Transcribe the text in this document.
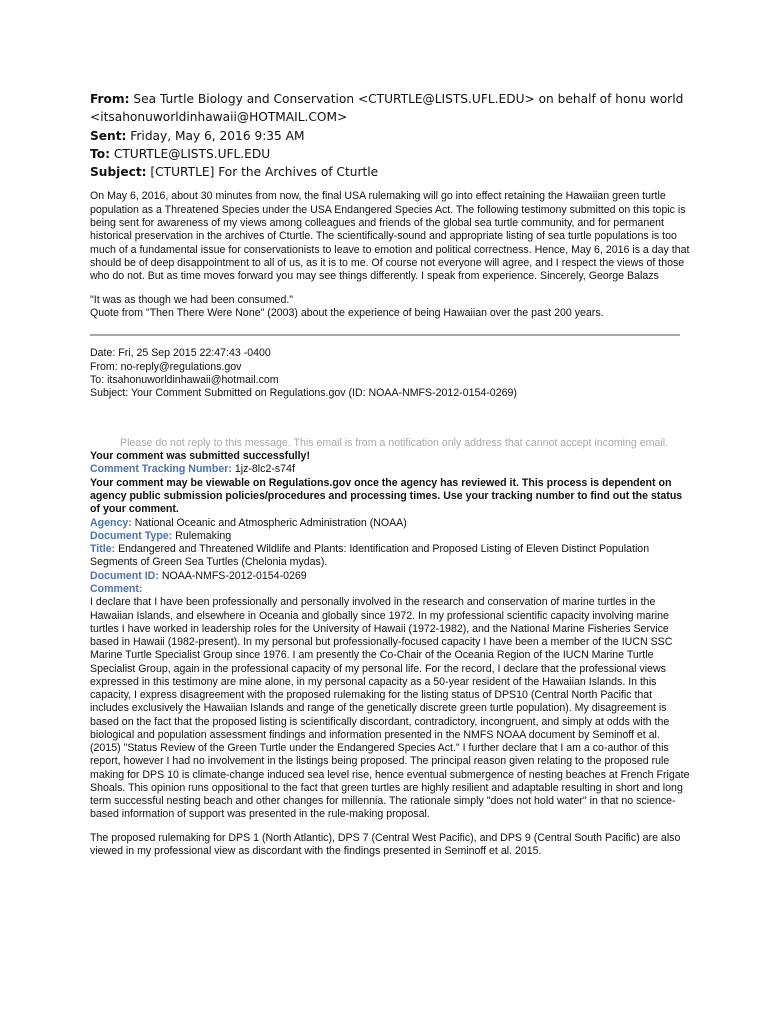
From: Sea Turtle Biology and Conservation <CTURTLE@LISTS.UFL.EDU> on behalf of honu world <itsahonuworldinhawaii@HOTMAIL.COM>
Sent: Friday, May 6, 2016 9:35 AM
To: CTURTLE@LISTS.UFL.EDU
Subject: [CTURTLE] For the Archives of Cturtle
On May 6, 2016, about 30 minutes from now, the final USA rulemaking will go into effect retaining the Hawaiian green turtle population as a Threatened Species under the USA Endangered Species Act. The following testimony submitted on this topic is being sent for awareness of my views among colleagues and friends of the global sea turtle community, and for permanent historical preservation in the archives of Cturtle. The scientifically-sound and appropriate listing of sea turtle populations is too much of a fundamental issue for conservationists to leave to emotion and political correctness. Hence, May 6, 2016 is a day that should be of deep disappointment to all of us, as it is to me. Of course not everyone will agree, and I respect the views of those who do not. But as time moves forward you may see things differently. I speak from experience. Sincerely, George Balazs
"It was as though we had been consumed."
Quote from "Then There Were None" (2003) about the experience of being Hawaiian over the past 200 years.
Date: Fri, 25 Sep 2015 22:47:43 -0400
From: no-reply@regulations.gov
To: itsahonuworldinhawaii@hotmail.com
Subject: Your Comment Submitted on Regulations.gov (ID: NOAA-NMFS-2012-0154-0269)
Please do not reply to this message. This email is from a notification only address that cannot accept incoming email.
Your comment was submitted successfully!
Comment Tracking Number: 1jz-8lc2-s74f
Your comment may be viewable on Regulations.gov once the agency has reviewed it. This process is dependent on agency public submission policies/procedures and processing times. Use your tracking number to find out the status of your comment.
Agency: National Oceanic and Atmospheric Administration (NOAA)
Document Type: Rulemaking
Title: Endangered and Threatened Wildlife and Plants: Identification and Proposed Listing of Eleven Distinct Population Segments of Green Sea Turtles (Chelonia mydas).
Document ID: NOAA-NMFS-2012-0154-0269
Comment:
I declare that I have been professionally and personally involved in the research and conservation of marine turtles in the Hawaiian Islands, and elsewhere in Oceania and globally since 1972. In my professional scientific capacity involving marine turtles I have worked in leadership roles for the University of Hawaii (1972-1982), and the National Marine Fisheries Service based in Hawaii (1982-present). In my personal but professionally-focused capacity I have been a member of the IUCN SSC Marine Turtle Specialist Group since 1976. I am presently the Co-Chair of the Oceania Region of the IUCN Marine Turtle Specialist Group, again in the professional capacity of my personal life. For the record, I declare that the professional views expressed in this testimony are mine alone, in my personal capacity as a 50-year resident of the Hawaiian Islands. In this capacity, I express disagreement with the proposed rulemaking for the listing status of DPS10 (Central North Pacific that includes exclusively the Hawaiian Islands and range of the genetically discrete green turtle population). My disagreement is based on the fact that the proposed listing is scientifically discordant, contradictory, incongruent, and simply at odds with the biological and population assessment findings and information presented in the NMFS NOAA document by Seminoff et al. (2015) "Status Review of the Green Turtle under the Endangered Species Act." I further declare that I am a co-author of this report, however I had no involvement in the listings being proposed. The principal reason given relating to the proposed rule making for DPS 10 is climate-change induced sea level rise, hence eventual submergence of nesting beaches at French Frigate Shoals. This opinion runs oppositional to the fact that green turtles are highly resilient and adaptable resulting in short and long term successful nesting beach and other changes for millennia. The rationale simply "does not hold water" in that no science-based information of support was presented in the rule-making proposal.
The proposed rulemaking for DPS 1 (North Atlantic), DPS 7 (Central West Pacific), and DPS 9 (Central South Pacific) are also viewed in my professional view as discordant with the findings presented in Seminoff et al. 2015.
